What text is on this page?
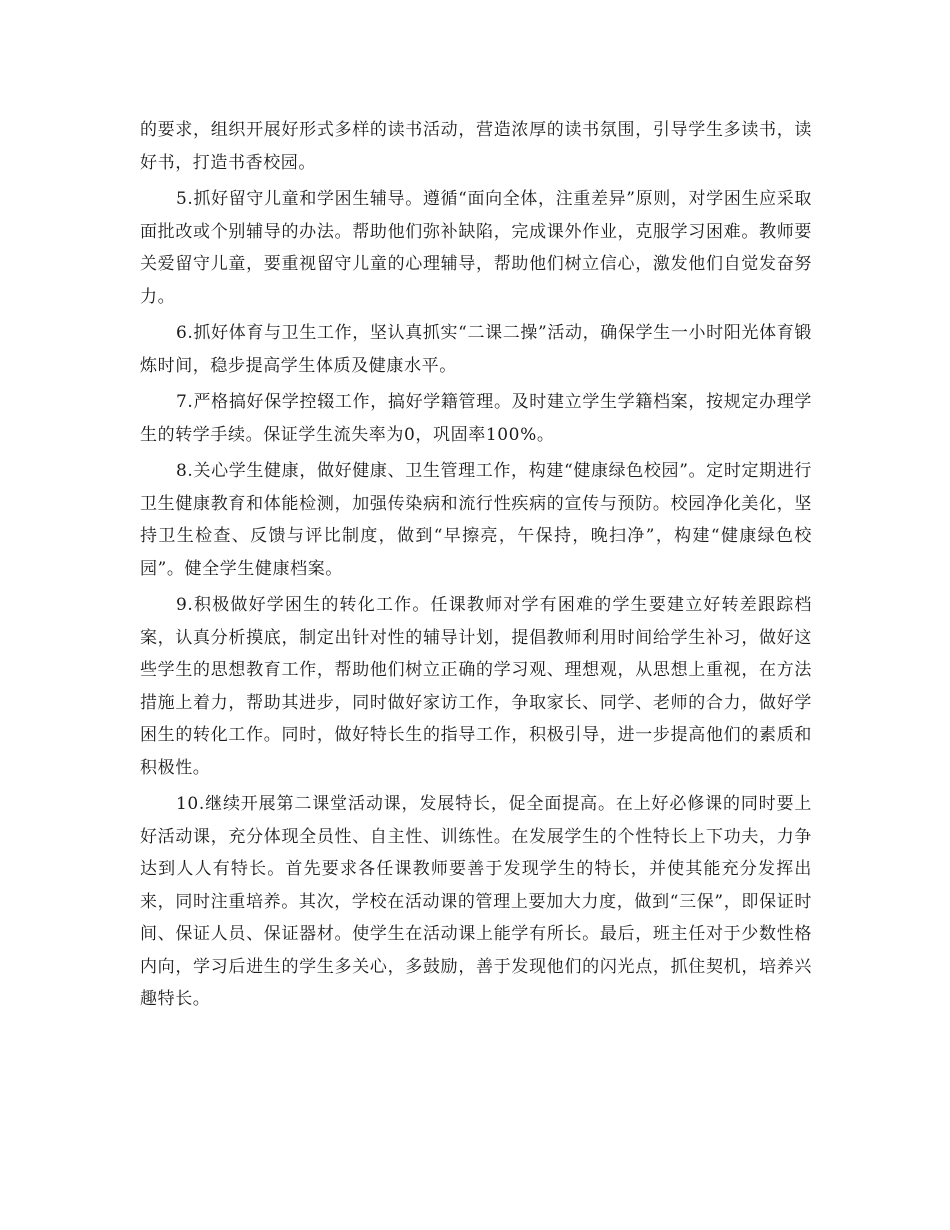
的要求，组织开展好形式多样的读书活动，营造浓厚的读书氛围，引导学生多读书，读好书，打造书香校园。

5.抓好留守儿童和学困生辅导。遵循“面向全体，注重差异”原则，对学困生应采取面批改或个别辅导的办法。帮助他们弥补缺陷，完成课外作业，克服学习困难。教师要关爱留守儿童，要重视留守儿童的心理辅导，帮助他们树立信心，激发他们自觉发奋努力。

6.抓好体育与卫生工作，坚认真抓实“二课二操”活动，确保学生一小时阳光体育锻炼时间，稳步提高学生体质及健康水平。

7.严格搞好保学控辍工作，搞好学籍管理。及时建立学生学籍档案，按规定办理学生的转学手续。保证学生流失率为0，巩固率100%。

8.关心学生健康，做好健康、卫生管理工作，构建“健康绿色校园”。定时定期进行卫生健康教育和体能检测，加强传染病和流行性疾病的宣传与预防。校园净化美化，坚持卫生检查、反馈与评比制度，做到“早擦亮，午保持，晚扫净”，构建“健康绿色校园”。健全学生健康档案。

9.积极做好学困生的转化工作。任课教师对学有困难的学生要建立好转差跟踪档案，认真分析摸底，制定出针对性的辅导计划，提倡教师利用时间给学生补习，做好这些学生的思想教育工作，帮助他们树立正确的学习观、理想观，从思想上重视，在方法措施上着力，帮助其进步，同时做好家访工作，争取家长、同学、老师的合力，做好学困生的转化工作。同时，做好特长生的指导工作，积极引导，进一步提高他们的素质和积极性。

10.继续开展第二课堂活动课，发展特长，促全面提高。在上好必修课的同时要上好活动课，充分体现全员性、自主性、训练性。在发展学生的个性特长上下功夫，力争达到人人有特长。首先要求各任课教师要善于发现学生的特长，并使其能充分发挥出来，同时注重培养。其次，学校在活动课的管理上要加大力度，做到“三保”，即保证时间、保证人员、保证器材。使学生在活动课上能学有所长。最后，班主任对于少数性格内向，学习后进生的学生多关心，多鼓励，善于发现他们的闪光点，抓住契机，培养兴趣特长。
